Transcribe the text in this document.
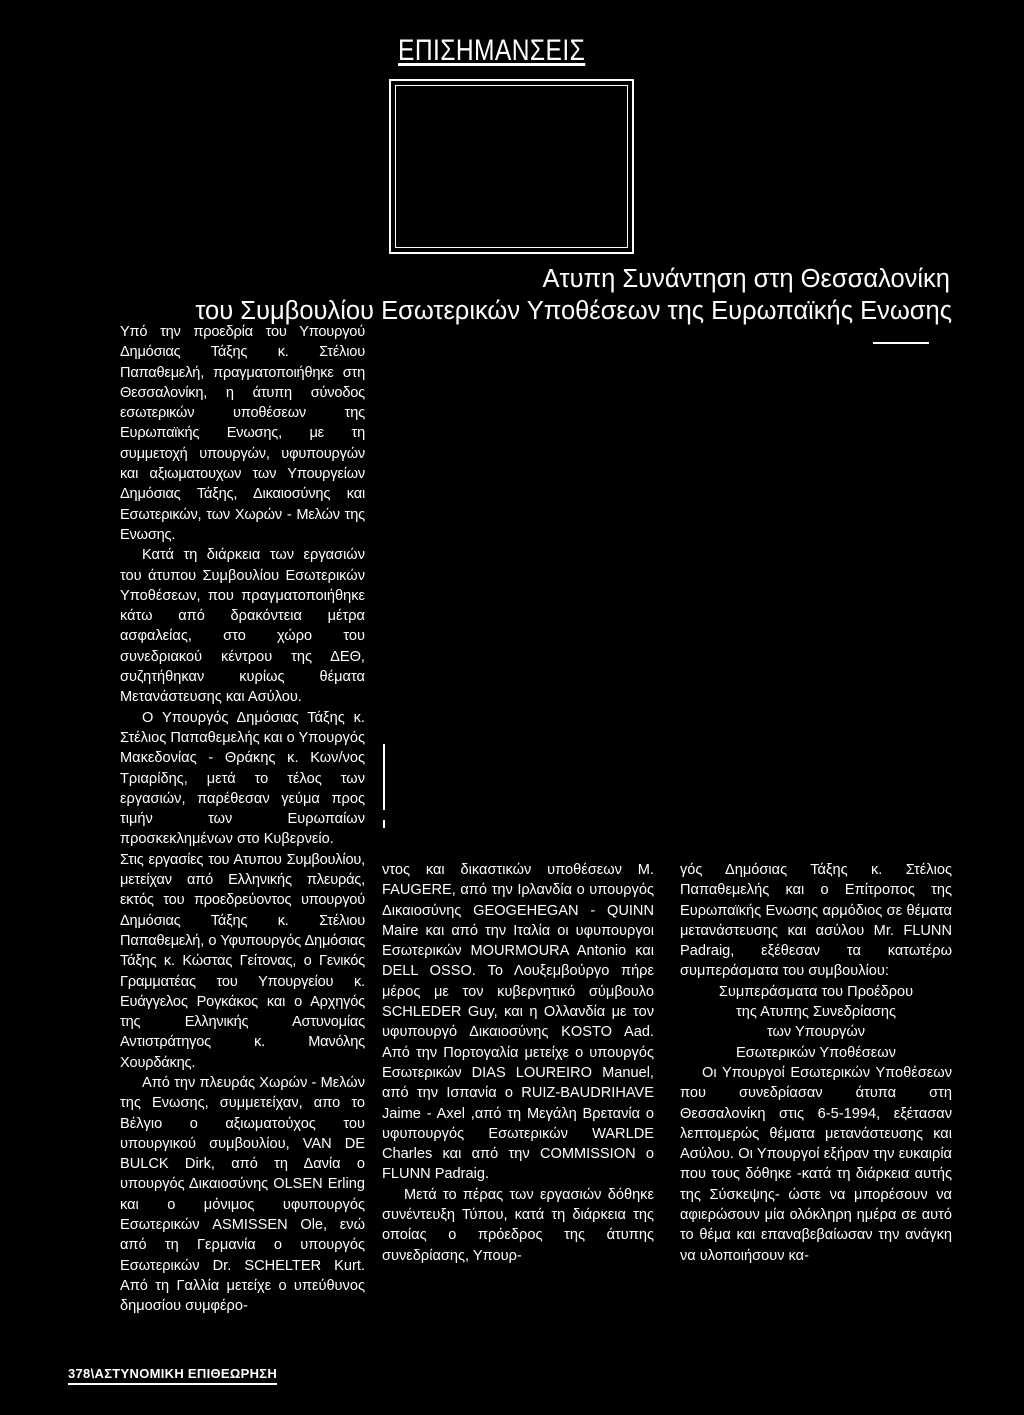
ΕΠΙΣΗΜΑΝΣΕΙΣ
Ατυπη Συνάντηση στη Θεσσαλονίκη
του Συμβουλίου Εσωτερικών Υποθέσεων της Ευρωπαϊκής Ενωσης

Υπό την προεδρία του Υπουργού Δημόσιας Τάξης κ. Στέλιου Παπαθεμελή, πραγματοποιήθηκε στη Θεσσαλονίκη, η άτυπη σύνοδος εσωτερικών υποθέσεων της Ευρωπαϊκής Ενωσης, με τη συμμετοχή υπουργών, υφυπουργών και αξιωματουχων των Υπουργείων Δημόσιας Τάξης, Δικαιοσύνης και Εσωτερικών, των Χωρών - Μελών της Ενωσης.

Κατά τη διάρκεια των εργασιών του άτυπου Συμβουλίου Εσωτερικών Υποθέσεων, που πραγματοποιήθηκε κάτω από δρακόντεια μέτρα ασφαλείας, στο χώρο του συνεδριακού κέντρου της ΔΕΘ, συζητήθηκαν κυρίως θέματα Μετανάστευσης και Ασύλου.

Ο Υπουργός Δημόσιας Τάξης κ. Στέλιος Παπαθεμελής και ο Υπουργός Μακεδονίας - Θράκης κ. Κων/νος Τριαρίδης, μετά το τέλος των εργασιών, παρέθεσαν γεύμα προς τιμήν των Ευρωπαίων προσκεκλημένων στο Κυβερνείο.

Στις εργασίες του Ατυπου Συμβουλίου, μετείχαν από Ελληνικής πλευράς, εκτός του προεδρεύοντος υπουργού Δημόσιας Τάξης κ. Στέλιου Παπαθεμελή, ο Υφυπουργός Δημόσιας Τάξης κ. Κώστας Γείτονας, ο Γενικός Γραμματέας του Υπουργείου κ. Ευάγγελος Ρογκάκος και ο Αρχηγός της Ελληνικής Αστυνομίας Αντιστράτηγος κ. Μανόλης Χουρδάκης.

Από την πλευράς Χωρών - Μελών της Ενωσης, συμμετείχαν, απο το Βέλγιο ο αξιωματούχος του υπουργικού συμβουλίου, VAN DE BULCK Dirk, από τη Δανία ο υπουργός Δικαιοσύνης OLSEN Erling και ο μόνιμος υφυπουργός Εσωτερικών ASMISSEN Ole, ενώ από τη Γερμανία ο υπουργός Εσωτερικών Dr. SCHELTER Kurt. Από τη Γαλλία μετείχε ο υπεύθυνος δημοσίου συμφέρο-

ντος και δικαστικών υποθέσεων M. FAUGERE, από την Ιρλανδία ο υπουργός Δικαιοσύνης GEOGEHEGAN - QUINN Maire και από την Ιταλία οι υφυπουργοι Εσωτερικών MOURMOURA Antonio και DELL OSSO. Το Λουξεμβούργο πήρε μέρος με τον κυβερνητικό σύμβουλο SCHLEDER Guy, και η Ολλανδία με τον υφυπουργό Δικαιοσύνης KOSTO Aad. Από την Πορτογαλία μετείχε ο υπουργός Εσωτερικών DIAS LOUREIRO Manuel, από την Ισπανία ο RUIZ-BAUDRIHAVE Jaime - Axel ,από τη Μεγάλη Βρετανία ο υφυπουργός Εσωτερικών WARLDE Charles και από την COMMISSION ο FLUNN Padraig.

Μετά το πέρας των εργασιών δόθηκε συνέντευξη Τύπου, κατά τη διάρκεια της οποίας ο πρόεδρος της άτυπης συνεδρίασης, Υπουρ-

γός Δημόσιας Τάξης κ. Στέλιος Παπαθεμελής και ο Επίτροπος της Ευρωπαϊκής Ενωσης αρμόδιος σε θέματα μετανάστευσης και ασύλου Mr. FLUNN Padraig, εξέθεσαν τα κατωτέρω συμπεράσματα του συμβουλίου:

Συμπεράσματα του Προέδρου

της Ατυπης Συνεδρίασης

των Υπουργών

Εσωτερικών Υποθέσεων

Οι Υπουργοί Εσωτερικών Υποθέσεων που συνεδρίασαν άτυπα στη Θεσσαλονίκη στις 6-5-1994, εξέτασαν λεπτομερώς θέματα μετανάστευσης και Ασύλου. Οι Υπουργοί εξήραν την ευκαιρία που τους δόθηκε -κατά τη διάρκεια αυτής της Σύσκεψης- ώστε να μπορέσουν να αφιερώσουν μία ολόκληρη ημέρα σε αυτό το θέμα και επαναβεβαίωσαν την ανάγκη να υλοποιήσουν κα-

378\ΑΣΤΥΝΟΜΙΚΗ ΕΠΙΘΕΩΡΗΣΗ
